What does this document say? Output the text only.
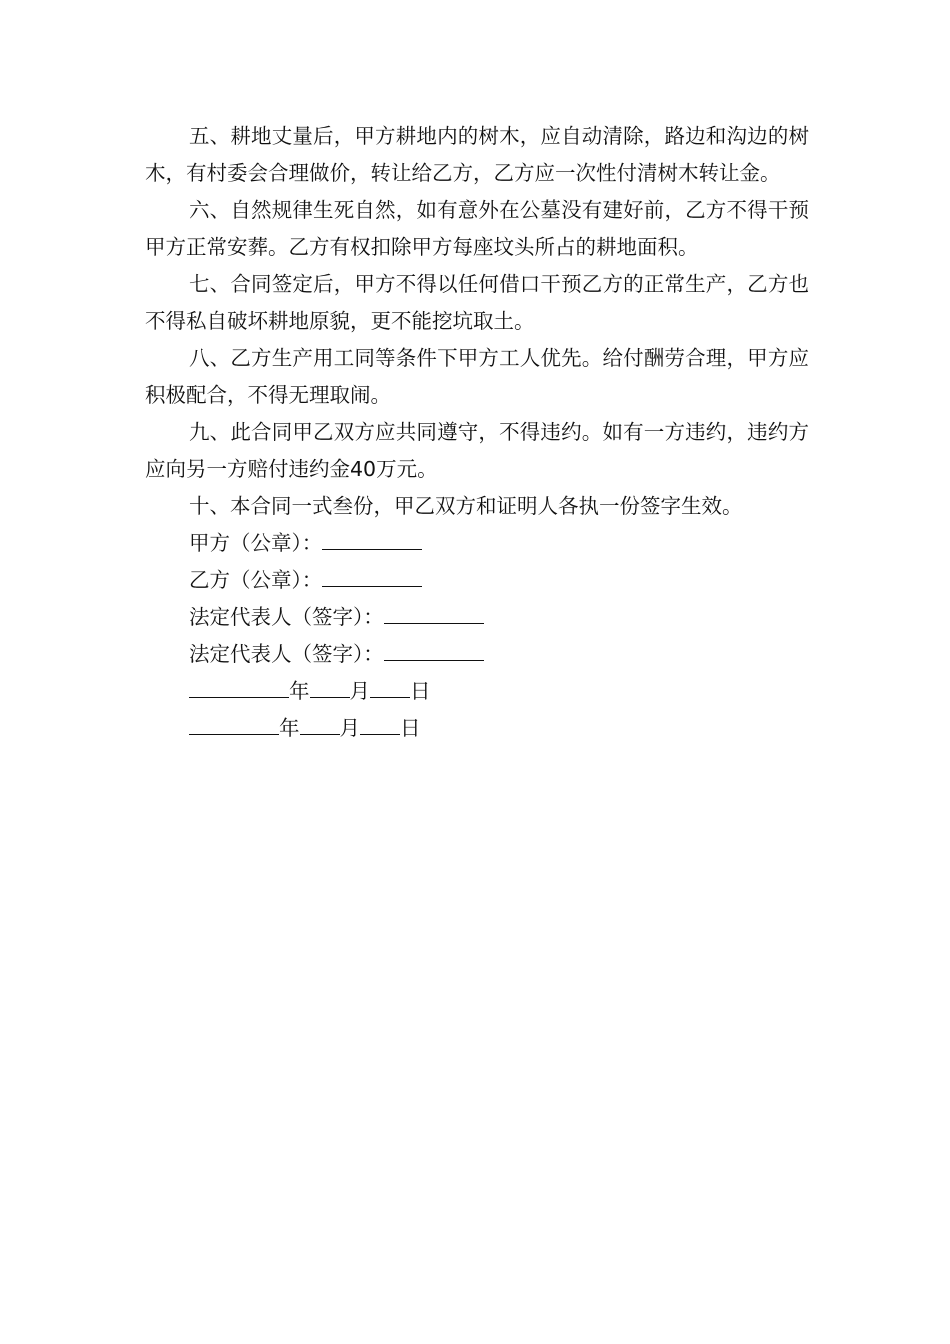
五、耕地丈量后，甲方耕地内的树木，应自动清除，路边和沟边的树木，有村委会合理做价，转让给乙方，乙方应一次性付清树木转让金。

六、自然规律生死自然，如有意外在公墓没有建好前，乙方不得干预甲方正常安葬。乙方有权扣除甲方每座坟头所占的耕地面积。

七、合同签定后，甲方不得以任何借口干预乙方的正常生产，乙方也不得私自破坏耕地原貌，更不能挖坑取土。

八、乙方生产用工同等条件下甲方工人优先。给付酬劳合理，甲方应积极配合，不得无理取闹。

九、此合同甲乙双方应共同遵守，不得违约。如有一方违约，违约方应向另一方赔付违约金40万元。

十、本合同一式叁份，甲乙双方和证明人各执一份签字生效。

甲方（公章）：

乙方（公章）：

法定代表人（签字）：

法定代表人（签字）：

年 月 日

年 月 日
